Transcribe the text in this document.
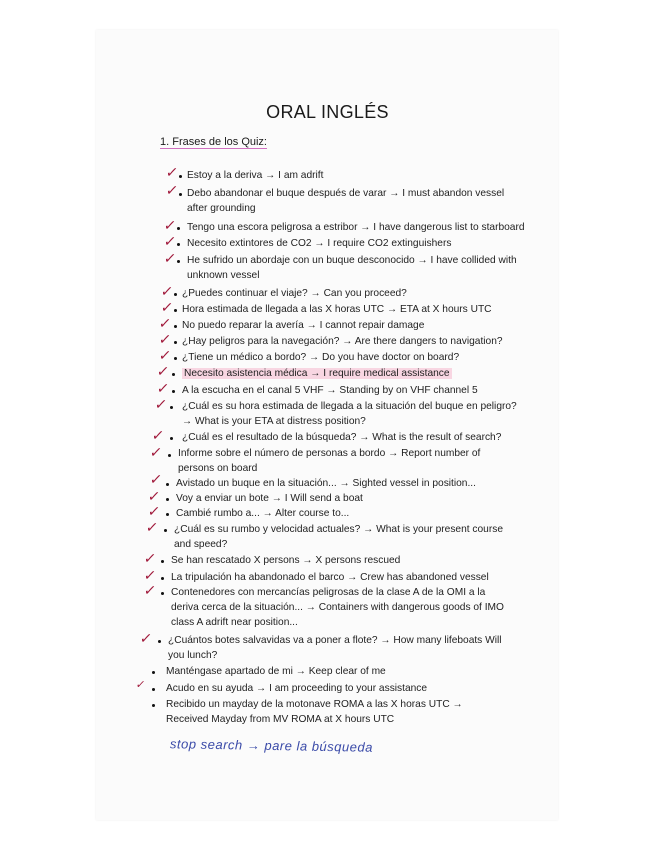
ORAL INGLÉS
1. Frases de los Quiz:
✓ Estoy a la deriva → I am adrift
✓ Debo abandonar el buque después de varar → I must abandon vessel after grounding
✓ Tengo una escora peligrosa a estribor → I have dangerous list to starboard
✓ Necesito extintores de CO2 → I require CO2 extinguishers
✓ He sufrido un abordaje con un buque desconocido → I have collided with unknown vessel
✓ ¿Puedes continuar el viaje? → Can you proceed?
✓ Hora estimada de llegada a las X horas UTC → ETA at X hours UTC
✓ No puedo reparar la avería → I cannot repair damage
✓ ¿Hay peligros para la navegación? → Are there dangers to navigation?
✓ ¿Tiene un médico a bordo? → Do you have doctor on board?
✓ Necesito asistencia médica → I require medical assistance
✓ A la escucha en el canal 5 VHF → Standing by on VHF channel 5
✓ ¿Cuál es su hora estimada de llegada a la situación del buque en peligro? → What is your ETA at distress position?
✓ ¿Cuál es el resultado de la búsqueda? → What is the result of search?
✓ Informe sobre el número de personas a bordo → Report number of persons on board
✓ Avistado un buque en la situación... → Sighted vessel in position...
✓ Voy a enviar un bote → I Will send a boat
✓ Cambié rumbo a... → Alter course to...
✓ ¿Cuál es su rumbo y velocidad actuales? → What is your present course and speed?
✓ Se han rescatado X persons → X persons rescued
✓ La tripulación ha abandonado el barco → Crew has abandoned vessel
✓ Contenedores con mercancías peligrosas de la clase A de la OMI a la deriva cerca de la situación... → Containers with dangerous goods of IMO class A adrift near position...
✓ ¿Cuántos botes salvavidas va a poner a flote? → How many lifeboats Will you lunch?
Manténgase apartado de mi → Keep clear of me
✓ Acudo en su ayuda → I am proceeding to your assistance
Recibido un mayday de la motonave ROMA a las X horas UTC → Received Mayday from MV ROMA at X hours UTC
stop search → pare la búsqueda
